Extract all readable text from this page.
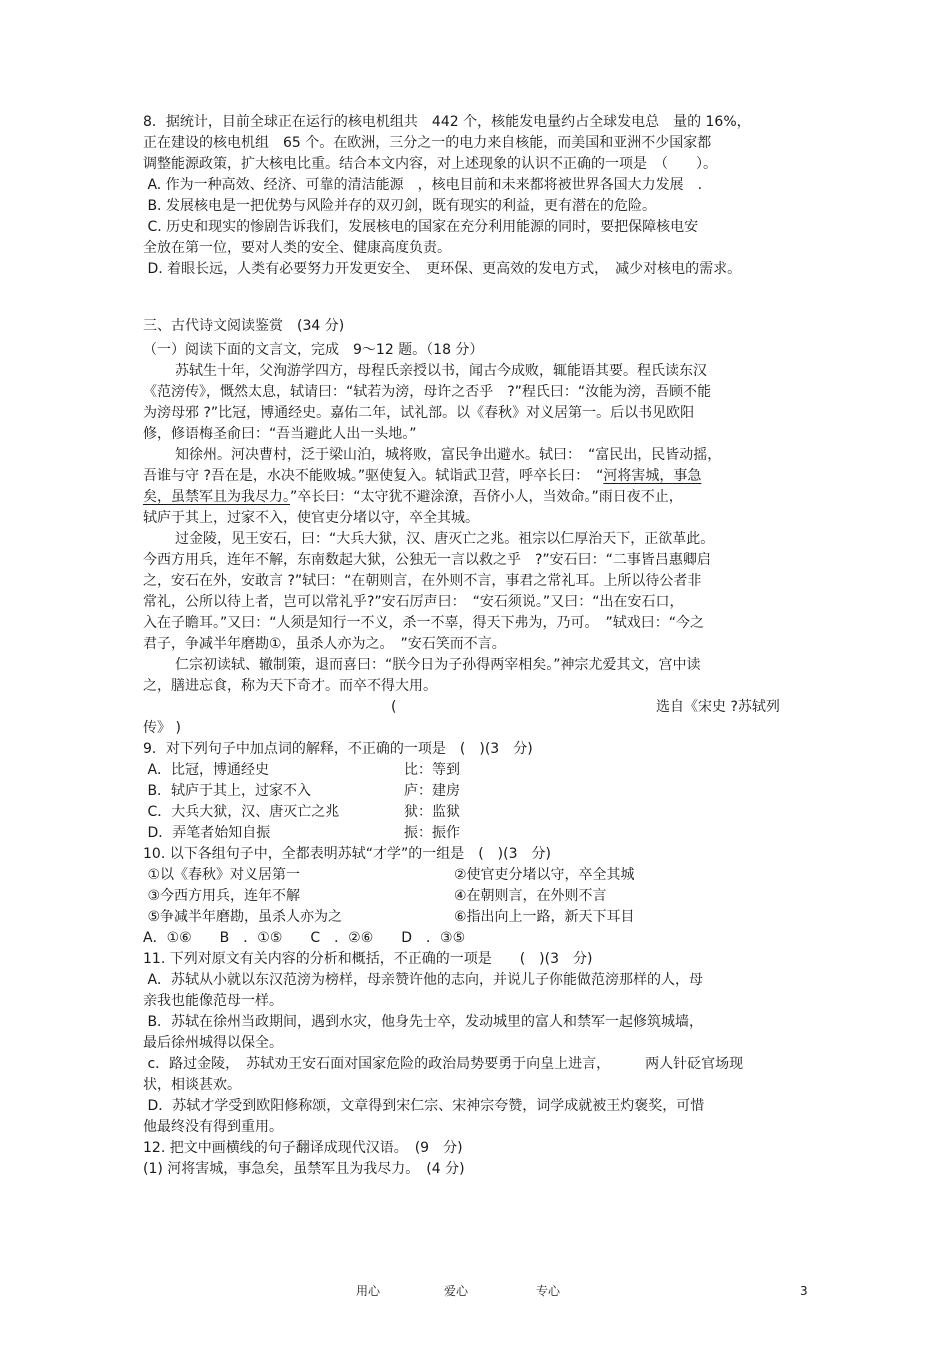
8．据统计，目前全球正在运行的核电机组共　442 个，核能发电量约占全球发电总　量的 16%，
正在建设的核电机组　65 个。在欧洲，三分之一的电力来自核能，而美国和亚洲不少国家都
调整能源政策，扩大核电比重。结合本文内容，对上述现象的认识不正确的一项是　（　　）。
A. 作为一种高效、经济、可靠的清洁能源　，核电目前和未来都将被世界各国大力发展　.
B. 发展核电是一把优势与风险并存的双刃剑，既有现实的利益，更有潜在的危险。
C. 历史和现实的惨剧告诉我们，发展核电的国家在充分利用能源的同时，要把保障核电安
全放在第一位，要对人类的安全、健康高度负责。
D. 着眼长远，人类有必要努力开发更安全、　更环保、更高效的发电方式，　减少对核电的需求。
三、古代诗文阅读鉴赏　(34 分)
（一）阅读下面的文言文，完成　9～12 题。（18 分）
苏轼生十年，父洵游学四方，母程氏亲授以书，闻古今成败，辄能语其要。程氏读东汉
《范滂传》，慨然太息，轼请曰：“轼若为滂，母许之否乎　?”程氏曰：“汝能为滂，吾顾不能
为滂母邪 ?”比冠，博通经史。嘉佑二年，试礼部。以《春秋》对义居第一。后以书见欧阳
修，修语梅圣俞曰：“吾当避此人出一头地。”
知徐州。河决曹村，泛于梁山泊，城将败，富民争出避水。轼曰：　“富民出，民皆动摇，
吾谁与守 ?吾在是，水决不能败城。”驱使复入。轼诣武卫营，呼卒长曰：　“河将害城，事急
矣，虽禁军且为我尽力。”卒长曰：“太守犹不避涂潦，吾侪小人，当效命。”雨日夜不止，
轼庐于其上，过家不入，使官吏分堵以守，卒全其城。
过金陵，见王安石，曰：“大兵大狱，汉、唐灭亡之兆。祖宗以仁厚治天下，正欲革此。
今西方用兵，连年不解，东南数起大狱，公独无一言以救之乎　?”安石曰：“二事皆吕惠卿启
之，安石在外，安敢言 ?”轼曰：“在朝则言，在外则不言，事君之常礼耳。上所以待公者非
常礼，公所以待上者，岂可以常礼乎?”安石厉声曰：　“安石须说。”又曰：“出在安石口，
入在子瞻耳。”又曰：“人须是知行一不义，杀一不辜，得天下弗为，乃可。　”轼戏曰：“今之
君子，争减半年磨勘①，虽杀人亦为之。　”安石笑而不言。
仁宗初读轼、辙制策，退而喜曰：“朕今日为子孙得两宰相矣。”神宗尤爱其文，宫中读
之，膳进忘食，称为天下奇才。而卒不得大用。
(	选自《宋史 ?苏轼列
传》 )
9．对下列句子中加点词的解释，不正确的一项是　(　)(3　分)
A．比冠，博通经史	比：等到
B．轼庐于其上，过家不入	庐：建房
C．大兵大狱，汉、唐灭亡之兆	狱：监狱
D．弄笔者始知自振	振：振作
10. 以下各组句子中，全都表明苏轼“才学”的一组是　(　)(3　分)
①以《春秋》对义居第一	②使官吏分堵以守，卒全其城
③今西方用兵，连年不解	④在朝则言，在外则不言
⑤争减半年磨勘，虽杀人亦为之	⑥指出向上一路，新天下耳目
A．①⑥　　B　．①⑤　　C　．②⑥　　D　．③⑤
11. 下列对原文有关内容的分析和概括，不正确的一项是　　(　)(3　分)
A．苏轼从小就以东汉范滂为榜样，母亲赞许他的志向，并说儿子你能做范滂那样的人，母
亲我也能像范母一样。
B．苏轼在徐州当政期间，遇到水灾，他身先士卒，发动城里的富人和禁军一起修筑城墙，
最后徐州城得以保全。
c．路过金陵，　苏轼劝王安石面对国家危险的政治局势要勇于向皇上进言，　　　两人针砭官场现
状，相谈甚欢。
D．苏轼才学受到欧阳修称颂，文章得到宋仁宗、宋神宗夸赞，词学成就被王灼褒奖，可惜
他最终没有得到重用。
12. 把文中画横线的句子翻译成现代汉语。　(9　分)
(1) 河将害城，事急矣，虽禁军且为我尽力。　(4 分)
用心	爱心	专心	3
